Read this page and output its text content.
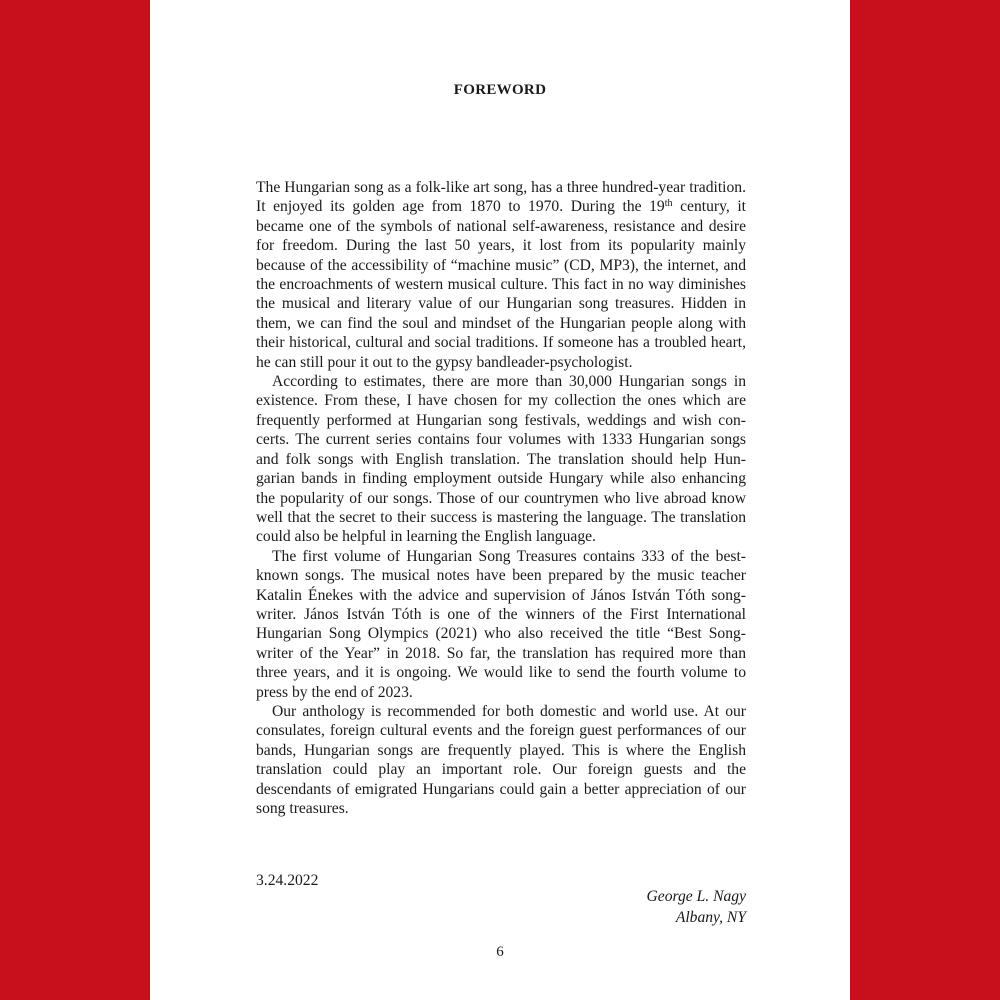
FOREWORD

The Hungarian song as a folk-like art song, has a three hundred-year tradition. It enjoyed its golden age from 1870 to 1970. During the 19th century, it became one of the symbols of national self-awareness, resistance and desire for freedom. During the last 50 years, it lost from its popularity mainly because of the accessibility of “machine music” (CD, MP3), the internet, and the encroachments of western musical culture. This fact in no way diminishes the musical and literary value of our Hungarian song treasures. Hidden in them, we can find the soul and mindset of the Hungarian people along with their historical, cultural and social traditions. If someone has a troubled heart, he can still pour it out to the gypsy bandleader-psychologist.

According to estimates, there are more than 30,000 Hungarian songs in existence. From these, I have chosen for my collection the ones which are frequently performed at Hungarian song festivals, weddings and wish concerts. The current series contains four volumes with 1333 Hungarian songs and folk songs with English translation. The translation should help Hungarian bands in finding employment outside Hungary while also enhancing the popularity of our songs. Those of our countrymen who live abroad know well that the secret to their success is mastering the language. The translation could also be helpful in learning the English language.

The first volume of Hungarian Song Treasures contains 333 of the best-known songs. The musical notes have been prepared by the music teacher Katalin Énekes with the advice and supervision of János István Tóth songwriter. János István Tóth is one of the winners of the First International Hungarian Song Olympics (2021) who also received the title “Best Songwriter of the Year” in 2018. So far, the translation has required more than three years, and it is ongoing. We would like to send the fourth volume to press by the end of 2023.

Our anthology is recommended for both domestic and world use. At our consulates, foreign cultural events and the foreign guest performances of our bands, Hungarian songs are frequently played. This is where the English translation could play an important role. Our foreign guests and the descendants of emigrated Hungarians could gain a better appreciation of our song treasures.

3.24.2022
George L. Nagy
Albany, NY
6
